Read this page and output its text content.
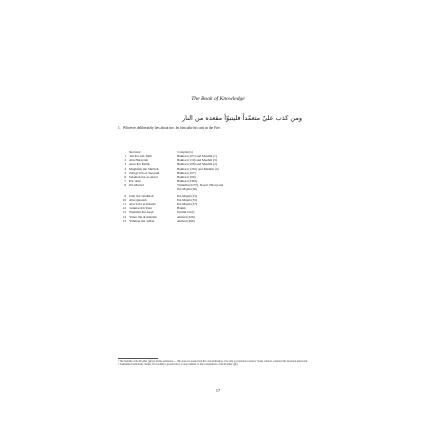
The Book of Knowledge
ومن كذب عليّ متعمّداً فليتبوّأ مقعده من النار
1. Whoever deliberately lies about me, let him take his seat in the Fire.
Narrator	Compiler(s)
1 'Ali ibn Abi Talib	Bukhari (107) and Muslim (1)
2 Abu Hurayrah	Bukhari (110) and Muslim (3)
3 Anas ibn Malik	Bukhari (108) and Muslim (2)
4 Mughirah ibn Shu'bah	Bukhari (1291) and Muslim (4)
5 Zubayr ibn al-'Awwam	Bukhari (107)
6 Salamah ibn al-Akwa'	Bukhari (109)
7 Ibn 'Amr	Bukhari (3461)
8 Ibn Mas'ud	Tirmidhi (2257), Nasa'i (5914) and
Ibn Majah (30)
9 Jabir ibn 'Abdillah	Ibn Majah (33)
10 Abu Qatadah	Ibn Majah (35)
11 Abu Sa'id al-Khudri	Ibn Majah (37)
12 'Ammar ibn Yasir	Hakim
13 Wathilah ibn Asqa'	Darimi (241)
14 'Umar ibn al-Khattab	Ahmad (326)
15 'Uthman ibn 'Affan	Ahmad (469)
¹ The Sunnah of the Prophet (ﷺ) is divine revelation — 'He does not speak from his own inclination; it is only a revelation revealed.' Some scholars consider this narration mutawatir.
² Transmitted with many chains; its wording is preserved by a large number of the Companions of the Prophet (ﷺ).
17
